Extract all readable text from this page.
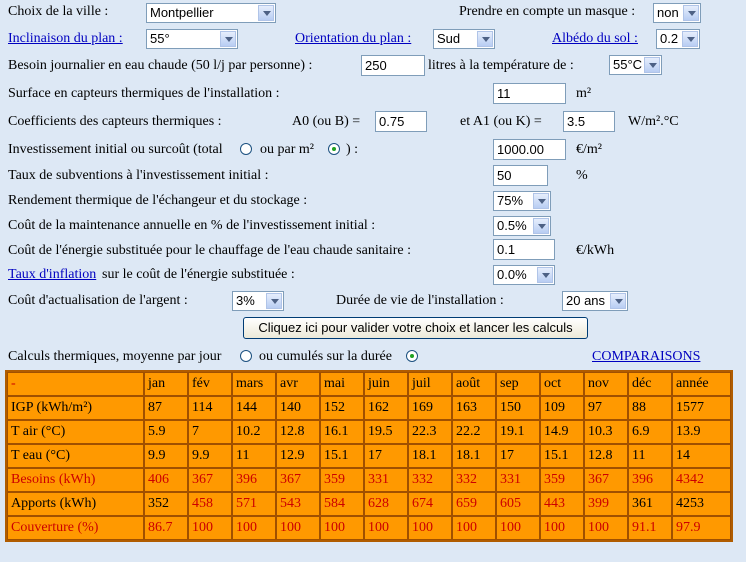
Choix de la ville :	Montpellier	Prendre en compte un masque :	non
Inclinaison du plan :	55°	Orientation du plan :	Sud	Albédo du sol :	0.2
Besoin journalier en eau chaude (50 l/j par personne) :	250	litres à la température de :	55°C
Surface en capteurs thermiques de l'installation :	11	m²
Coefficients des capteurs thermiques :	A0 (ou B) =	0.75	et A1 (ou K) =	3.5	W/m².°C
Investissement initial ou surcoût (total	ou par m² ) :	1000.00	€/m²
Taux de subventions à l'investissement initial :	50	%
Rendement thermique de l'échangeur et du stockage :	75%
Coût de la maintenance annuelle en % de l'investissement initial :	0.5%
Coût de l'énergie substituée pour le chauffage de l'eau chaude sanitaire :	0.1	€/kWh
Taux d'inflation sur le coût de l'énergie substituée :	0.0%
Coût d'actualisation de l'argent :	3%	Durée de vie de l'installation :	20 ans
Cliquez ici pour valider votre choix et lancer les calculs
Calculs thermiques, moyenne par jour	ou cumulés sur la durée	COMPARAISONS
-	jan	fév	mars	avr	mai	juin	juil	août	sep	oct	nov	déc	année
IGP (kWh/m²)	87	114	144	140	152	162	169	163	150	109	97	88	1577
T air (°C)	5.9	7	10.2	12.8	16.1	19.5	22.3	22.2	19.1	14.9	10.3	6.9	13.9
T eau (°C)	9.9	9.9	11	12.9	15.1	17	18.1	18.1	17	15.1	12.8	11	14
Besoins (kWh)	406	367	396	367	359	331	332	332	331	359	367	396	4342
Apports (kWh)	352	458	571	543	584	628	674	659	605	443	399	361	4253
Couverture (%)	86.7	100	100	100	100	100	100	100	100	100	100	91.1	97.9
